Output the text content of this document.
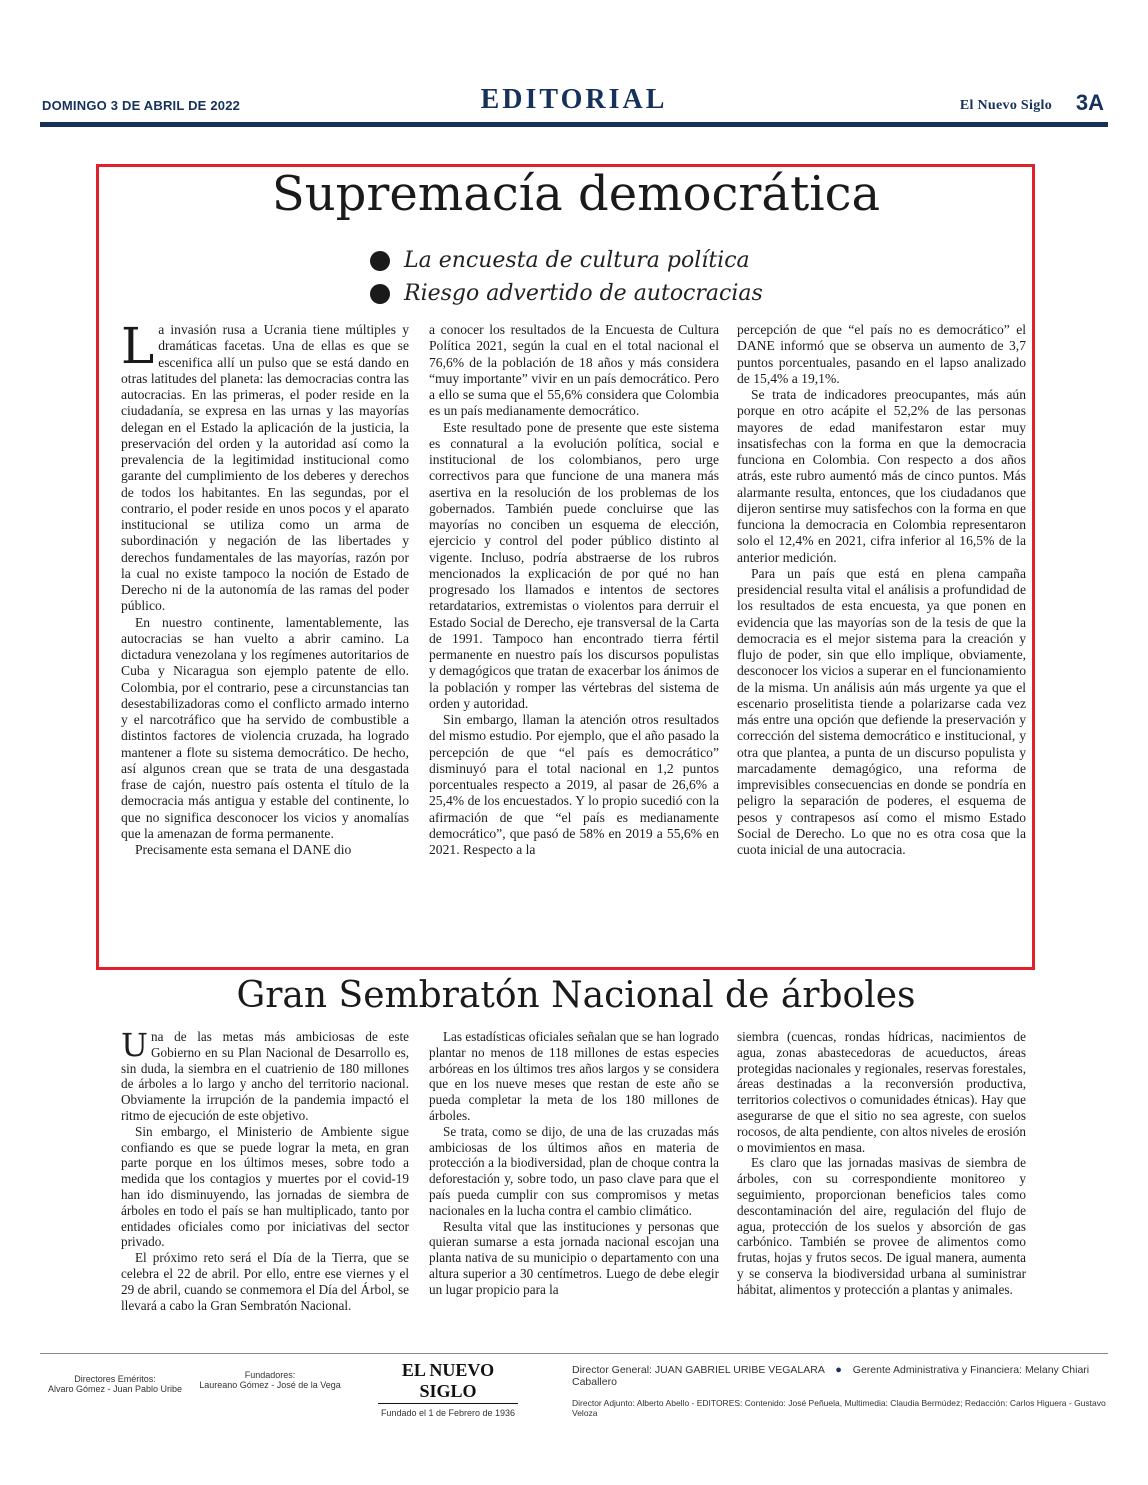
DOMINGO 3 DE ABRIL DE 2022	EDITORIAL	El Nuevo Siglo 3A
Supremacía democrática
La encuesta de cultura política
Riesgo advertido de autocracias

La invasión rusa a Ucrania tiene múltiples y dramáticas facetas. Una de ellas es que se escenifica allí un pulso que se está dando en otras latitudes del planeta: las democracias contra las autocracias. En las primeras, el poder reside en la ciudadanía, se expresa en las urnas y las mayorías delegan en el Estado la aplicación de la justicia, la preservación del orden y la autoridad así como la prevalencia de la legitimidad institucional como garante del cumplimiento de los deberes y derechos de todos los habitantes. En las segundas, por el contrario, el poder reside en unos pocos y el aparato institucional se utiliza como un arma de subordinación y negación de las libertades y derechos fundamentales de las mayorías, razón por la cual no existe tampoco la noción de Estado de Derecho ni de la autonomía de las ramas del poder público.

En nuestro continente, lamentablemente, las autocracias se han vuelto a abrir camino. La dictadura venezolana y los regímenes autoritarios de Cuba y Nicaragua son ejemplo patente de ello. Colombia, por el contrario, pese a circunstancias tan desestabilizadoras como el conflicto armado interno y el narcotráfico que ha servido de combustible a distintos factores de violencia cruzada, ha logrado mantener a flote su sistema democrático. De hecho, así algunos crean que se trata de una desgastada frase de cajón, nuestro país ostenta el título de la democracia más antigua y estable del continente, lo que no significa desconocer los vicios y anomalías que la amenazan de forma permanente.

Precisamente esta semana el DANE dio

a conocer los resultados de la Encuesta de Cultura Política 2021, según la cual en el total nacional el 76,6% de la población de 18 años y más considera “muy importante” vivir en un país democrático. Pero a ello se suma que el 55,6% considera que Colombia es un país medianamente democrático.

Este resultado pone de presente que este sistema es connatural a la evolución política, social e institucional de los colombianos, pero urge correctivos para que funcione de una manera más asertiva en la resolución de los problemas de los gobernados. También puede concluirse que las mayorías no conciben un esquema de elección, ejercicio y control del poder público distinto al vigente. Incluso, podría abstraerse de los rubros mencionados la explicación de por qué no han progresado los llamados e intentos de sectores retardatarios, extremistas o violentos para derruir el Estado Social de Derecho, eje transversal de la Carta de 1991. Tampoco han encontrado tierra fértil permanente en nuestro país los discursos populistas y demagógicos que tratan de exacerbar los ánimos de la población y romper las vértebras del sistema de orden y autoridad.

Sin embargo, llaman la atención otros resultados del mismo estudio. Por ejemplo, que el año pasado la percepción de que “el país es democrático” disminuyó para el total nacional en 1,2 puntos porcentuales respecto a 2019, al pasar de 26,6% a 25,4% de los encuestados. Y lo propio sucedió con la afirmación de que “el país es medianamente democrático”, que pasó de 58% en 2019 a 55,6% en 2021. Respecto a la

percepción de que “el país no es democrático” el DANE informó que se observa un aumento de 3,7 puntos porcentuales, pasando en el lapso analizado de 15,4% a 19,1%.

Se trata de indicadores preocupantes, más aún porque en otro acápite el 52,2% de las personas mayores de edad manifestaron estar muy insatisfechas con la forma en que la democracia funciona en Colombia. Con respecto a dos años atrás, este rubro aumentó más de cinco puntos. Más alarmante resulta, entonces, que los ciudadanos que dijeron sentirse muy satisfechos con la forma en que funciona la democracia en Colombia representaron solo el 12,4% en 2021, cifra inferior al 16,5% de la anterior medición.

Para un país que está en plena campaña presidencial resulta vital el análisis a profundidad de los resultados de esta encuesta, ya que ponen en evidencia que las mayorías son de la tesis de que la democracia es el mejor sistema para la creación y flujo de poder, sin que ello implique, obviamente, desconocer los vicios a superar en el funcionamiento de la misma. Un análisis aún más urgente ya que el escenario proselitista tiende a polarizarse cada vez más entre una opción que defiende la preservación y corrección del sistema democrático e institucional, y otra que plantea, a punta de un discurso populista y marcadamente demagógico, una reforma de imprevisibles consecuencias en donde se pondría en peligro la separación de poderes, el esquema de pesos y contrapesos así como el mismo Estado Social de Derecho. Lo que no es otra cosa que la cuota inicial de una autocracia.

Gran Sembratón Nacional de árboles

Una de las metas más ambiciosas de este Gobierno en su Plan Nacional de Desarrollo es, sin duda, la siembra en el cuatrienio de 180 millones de árboles a lo largo y ancho del territorio nacional. Obviamente la irrupción de la pandemia impactó el ritmo de ejecución de este objetivo.

Sin embargo, el Ministerio de Ambiente sigue confiando es que se puede lograr la meta, en gran parte porque en los últimos meses, sobre todo a medida que los contagios y muertes por el covid-19 han ido disminuyendo, las jornadas de siembra de árboles en todo el país se han multiplicado, tanto por entidades oficiales como por iniciativas del sector privado.

El próximo reto será el Día de la Tierra, que se celebra el 22 de abril. Por ello, entre ese viernes y el 29 de abril, cuando se conmemora el Día del Árbol, se llevará a cabo la Gran Sembratón Nacional.

Las estadísticas oficiales señalan que se han logrado plantar no menos de 118 millones de estas especies arbóreas en los últimos tres años largos y se considera que en los nueve meses que restan de este año se pueda completar la meta de los 180 millones de árboles.

Se trata, como se dijo, de una de las cruzadas más ambiciosas de los últimos años en materia de protección a la biodiversidad, plan de choque contra la deforestación y, sobre todo, un paso clave para que el país pueda cumplir con sus compromisos y metas nacionales en la lucha contra el cambio climático.

Resulta vital que las instituciones y personas que quieran sumarse a esta jornada nacional escojan una planta nativa de su municipio o departamento con una altura superior a 30 centímetros. Luego de debe elegir un lugar propicio para la

siembra (cuencas, rondas hídricas, nacimientos de agua, zonas abastecedoras de acueductos, áreas protegidas nacionales y regionales, reservas forestales, áreas destinadas a la reconversión productiva, territorios colectivos o comunidades étnicas). Hay que asegurarse de que el sitio no sea agreste, con suelos rocosos, de alta pendiente, con altos niveles de erosión o movimientos en masa.

Es claro que las jornadas masivas de siembra de árboles, con su correspondiente monitoreo y seguimiento, proporcionan beneficios tales como descontaminación del aire, regulación del flujo de agua, protección de los suelos y absorción de gas carbónico. También se provee de alimentos como frutas, hojas y frutos secos. De igual manera, aumenta y se conserva la biodiversidad urbana al suministrar hábitat, alimentos y protección a plantas y animales.

Directores Eméritos:
Alvaro Gómez - Juan Pablo Uribe
Fundadores:
Laureano Gómez - José de la Vega
EL NUEVO SIGLO
Fundado el 1 de Febrero de 1936
Director General: JUAN GABRIEL URIBE VEGALARA ● Gerente Administrativa y Financiera: Melany Chiari Caballero
Director Adjunto: Alberto Abello - EDITORES: Contenido: José Peñuela, Multimedia: Claudia Bermúdez; Redacción: Carlos Higuera - Gustavo Veloza
